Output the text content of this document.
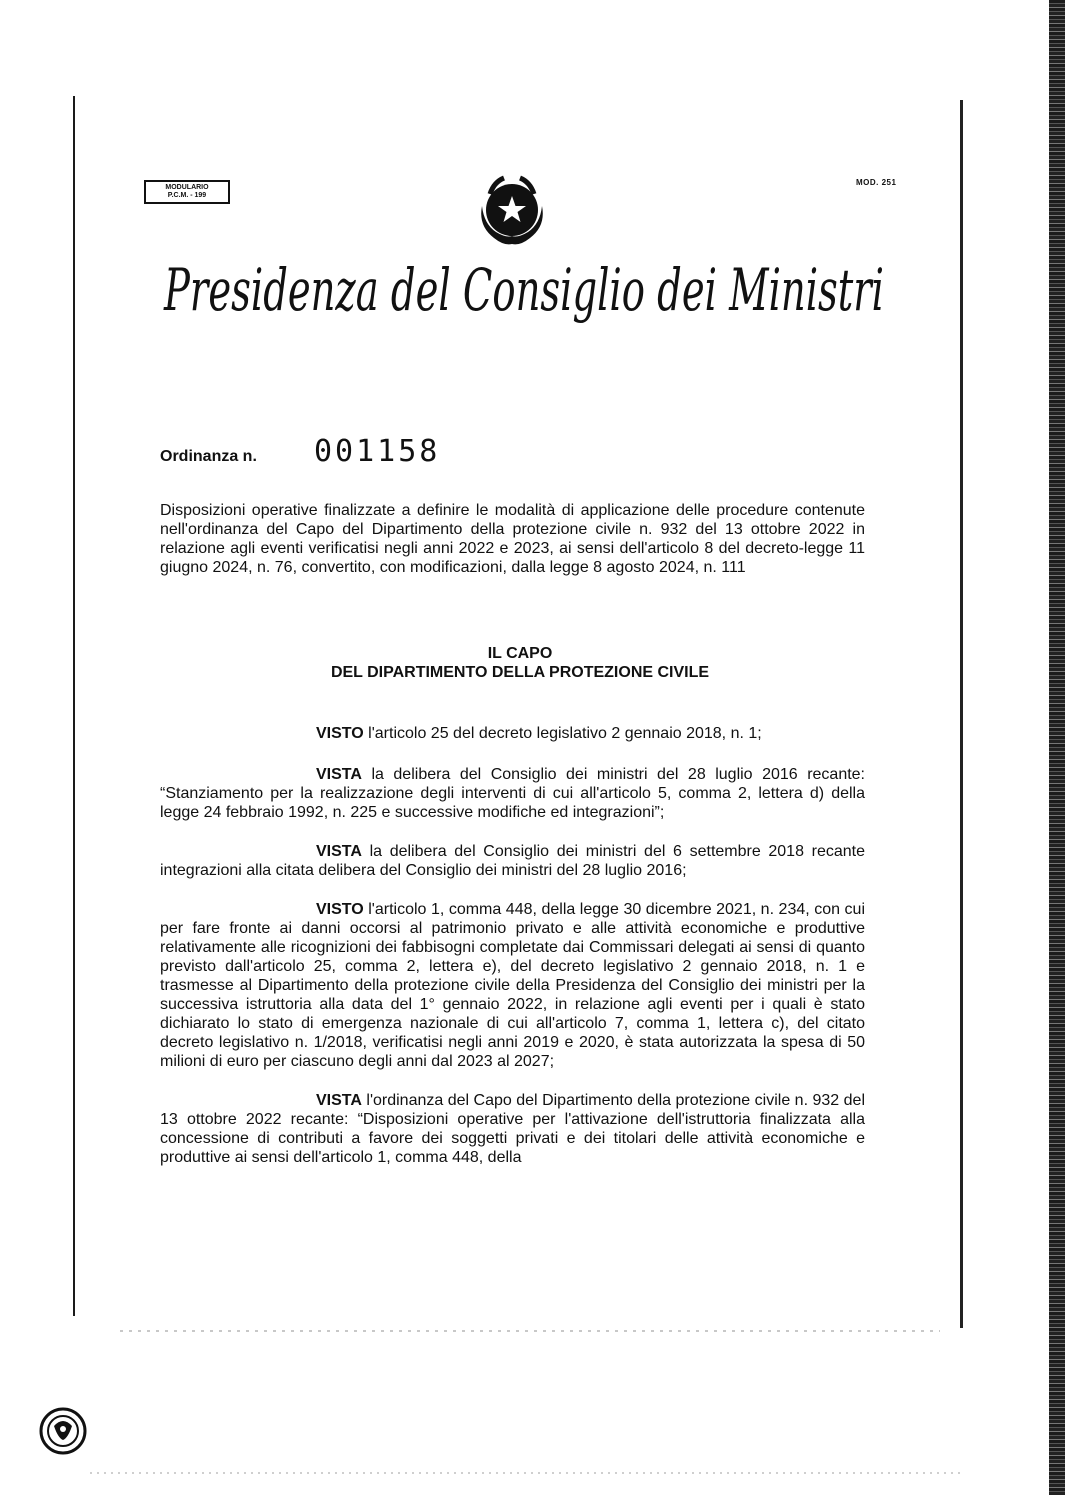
MODULARIO
P.C.M. - 199
MOD. 251
Presidenza del Consiglio dei Ministri
Ordinanza n. 001158

Disposizioni operative finalizzate a definire le modalità di applicazione delle procedure contenute nell'ordinanza del Capo del Dipartimento della protezione civile n. 932 del 13 ottobre 2022 in relazione agli eventi verificatisi negli anni 2022 e 2023, ai sensi dell'articolo 8 del decreto-legge 11 giugno 2024, n. 76, convertito, con modificazioni, dalla legge 8 agosto 2024, n. 111

IL CAPO
DEL DIPARTIMENTO DELLA PROTEZIONE CIVILE

VISTO l'articolo 25 del decreto legislativo 2 gennaio 2018, n. 1;

VISTA la delibera del Consiglio dei ministri del 28 luglio 2016 recante: “Stanziamento per la realizzazione degli interventi di cui all'articolo 5, comma 2, lettera d) della legge 24 febbraio 1992, n. 225 e successive modifiche ed integrazioni”;

VISTA la delibera del Consiglio dei ministri del 6 settembre 2018 recante integrazioni alla citata delibera del Consiglio dei ministri del 28 luglio 2016;

VISTO l'articolo 1, comma 448, della legge 30 dicembre 2021, n. 234, con cui per fare fronte ai danni occorsi al patrimonio privato e alle attività economiche e produttive relativamente alle ricognizioni dei fabbisogni completate dai Commissari delegati ai sensi di quanto previsto dall'articolo 25, comma 2, lettera e), del decreto legislativo 2 gennaio 2018, n. 1 e trasmesse al Dipartimento della protezione civile della Presidenza del Consiglio dei ministri per la successiva istruttoria alla data del 1° gennaio 2022, in relazione agli eventi per i quali è stato dichiarato lo stato di emergenza nazionale di cui all'articolo 7, comma 1, lettera c), del citato decreto legislativo n. 1/2018, verificatisi negli anni 2019 e 2020, è stata autorizzata la spesa di 50 milioni di euro per ciascuno degli anni dal 2023 al 2027;

VISTA l'ordinanza del Capo del Dipartimento della protezione civile n. 932 del 13 ottobre 2022 recante: “Disposizioni operative per l'attivazione dell'istruttoria finalizzata alla concessione di contributi a favore dei soggetti privati e dei titolari delle attività economiche e produttive ai sensi dell'articolo 1, comma 448, della
